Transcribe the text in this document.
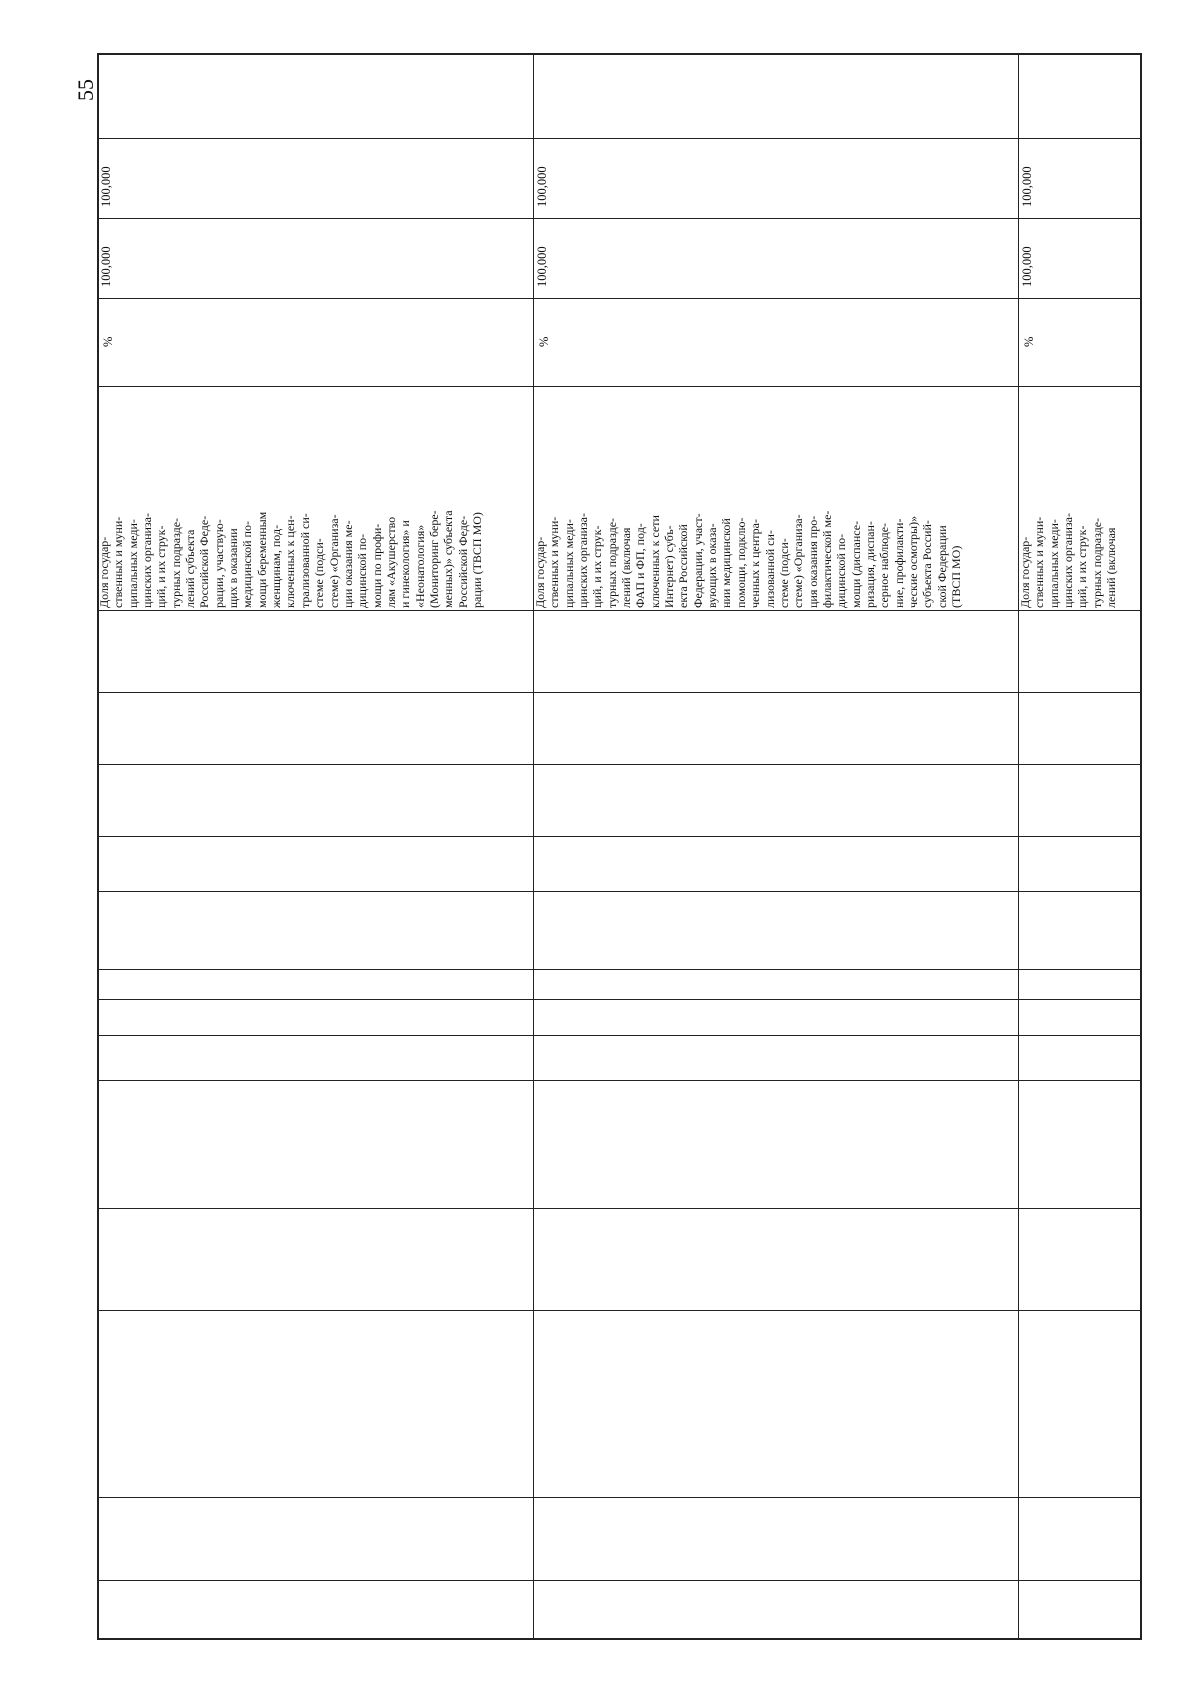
55
100,000
100,000
%
Доля государ-
ственных и муни-
ципальных меди-
цинских организа-
ций, и их струк-
турных подразде-
лений субъекта
Российской Феде-
рации, участвую-
щих в оказании
медицинской по-
мощи беременным
женщинам, под-
ключенных к цен-
трализованной си-
стеме (подси-
стеме) «Организа-
ции оказания ме-
дицинской по-
мощи по профи-
лям «Акушерство
и гинекология» и
«Неонатология»
(Мониторинг бере-
менных)» субъекта
Российской Феде-
рации (ТВСП МО)
100,000
100,000
%
Доля государ-
ственных и муни-
ципальных меди-
цинских организа-
ций, и их струк-
турных подразде-
лений (включая
ФАП и ФП, под-
ключенных к сети
Интернет) субъ-
екта Российской
Федерации, участ-
вующих в оказа-
нии медицинской
помощи, подклю-
ченных к центра-
лизованной си-
стеме (подси-
стеме) «Организа-
ция оказания про-
филактической ме-
дицинской по-
мощи (диспансе-
ризация, диспан-
серное наблюде-
ние, профилакти-
ческие осмотры)»
субъекта Россий-
ской Федерации
(ТВСП МО)
100,000
100,000
%
Доля государ-
ственных и муни-
ципальных меди-
цинских организа-
ций, и их струк-
турных подразде-
лений (включая
